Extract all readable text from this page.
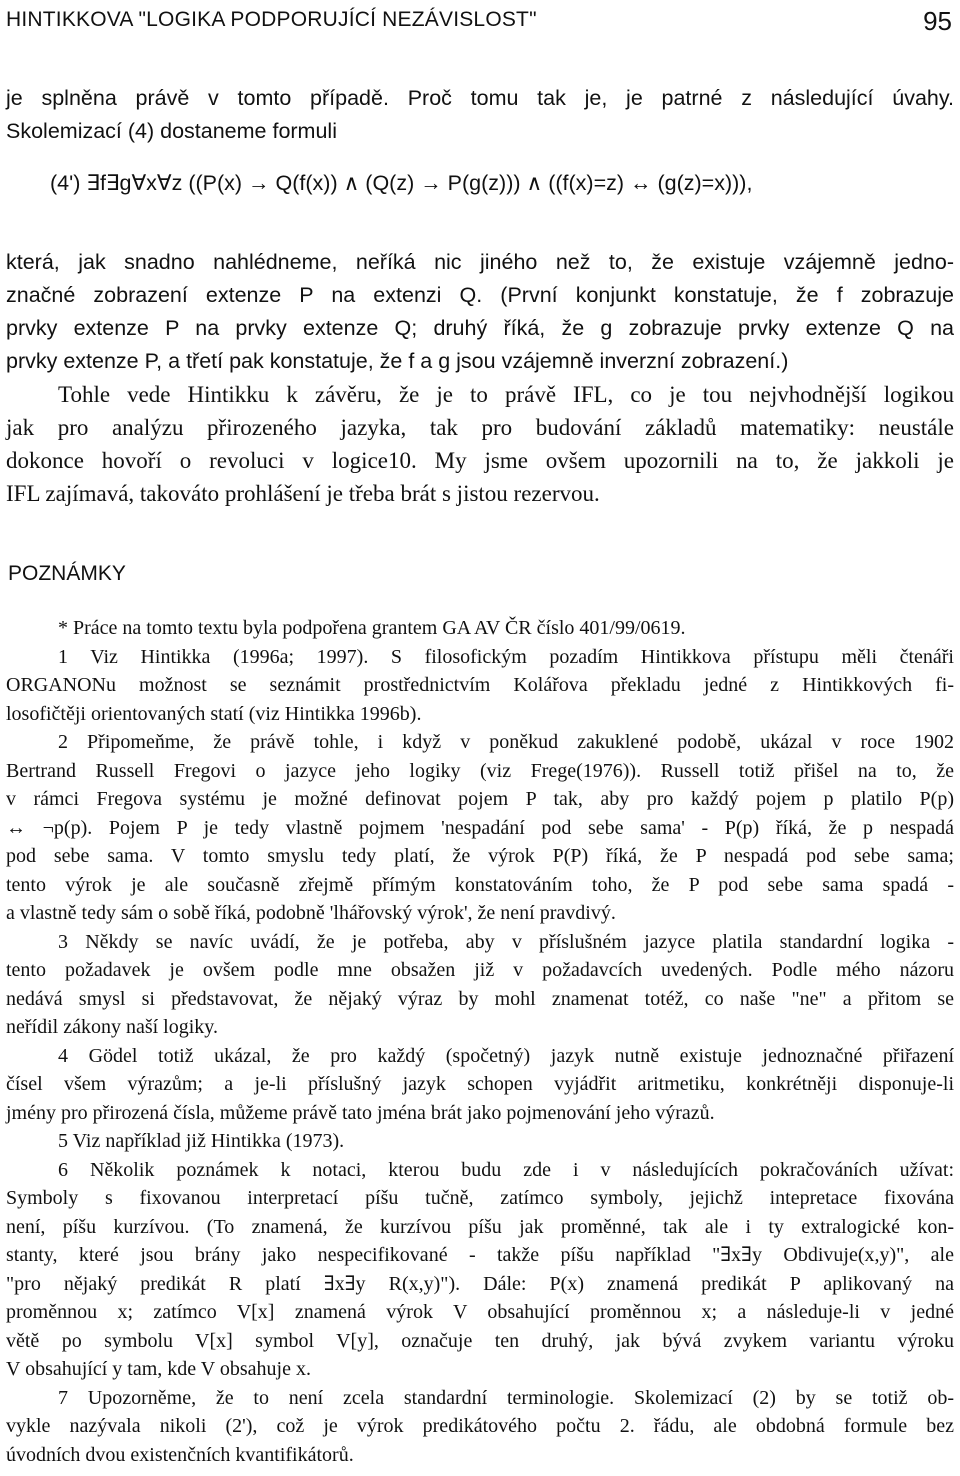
HINTIKKOVA "LOGIKA PODPORUJÍCÍ NEZÁVISLOST"	95
je splněna právě v tomto případě. Proč tomu tak je, je patrné z následující úvahy.
Skolemizací (4) dostaneme formuli
(4') ∃f∃g∀x∀z ((P(x) → Q(f(x)) ∧ (Q(z) → P(g(z))) ∧ ((f(x)=z) ↔ (g(z)=x))),
která, jak snadno nahlédneme, neříká nic jiného než to, že existuje vzájemně jedno-
značné zobrazení extenze P na extenzi Q. (První konjunkt konstatuje, že f zobrazuje
prvky extenze P na prvky extenze Q; druhý říká, že g zobrazuje prvky extenze Q na
prvky extenze P, a třetí pak konstatuje, že f a g jsou vzájemně inverzní zobrazení.)
Tohle vede Hintikku k závěru, že je to právě IFL, co je tou nejvhodnější logikou
jak pro analýzu přirozeného jazyka, tak pro budování základů matematiky: neustále
dokonce hovoří o revoluci v logice10. My jsme ovšem upozornili na to, že jakkoli je
IFL zajímavá, takováto prohlášení je třeba brát s jistou rezervou.
POZNÁMKY
* Práce na tomto textu byla podpořena grantem GA AV ČR číslo 401/99/0619.
1 Viz Hintikka (1996a; 1997). S filosofickým pozadím Hintikkova přístupu měli čtenáři
ORGANONu možnost se seznámit prostřednictvím Kolářova překladu jedné z Hintikkových fi-
losofičtěji orientovaných statí (viz Hintikka 1996b).
2 Připomeňme, že právě tohle, i když v poněkud zakuklené podobě, ukázal v roce 1902
Bertrand Russell Fregovi o jazyce jeho logiky (viz Frege(1976)). Russell totiž přišel na to, že
v rámci Fregova systému je možné definovat pojem P tak, aby pro každý pojem p platilo P(p)
↔ ¬p(p). Pojem P je tedy vlastně pojmem 'nespadání pod sebe sama' - P(p) říká, že p nespadá
pod sebe sama. V tomto smyslu tedy platí, že výrok P(P) říká, že P nespadá pod sebe sama;
tento výrok je ale současně zřejmě přímým konstatováním toho, že P pod sebe sama spadá -
a vlastně tedy sám o sobě říká, podobně 'lhářovský výrok', že není pravdivý.
3 Někdy se navíc uvádí, že je potřeba, aby v příslušném jazyce platila standardní logika -
tento požadavek je ovšem podle mne obsažen již v požadavcích uvedených. Podle mého názoru
nedává smysl si představovat, že nějaký výraz by mohl znamenat totéž, co naše "ne" a přitom se
neřídil zákony naší logiky.
4 Gödel totiž ukázal, že pro každý (spočetný) jazyk nutně existuje jednoznačné přiřazení
čísel všem výrazům; a je-li příslušný jazyk schopen vyjádřit aritmetiku, konkrétněji disponuje-li
jmény pro přirozená čísla, můžeme právě tato jména brát jako pojmenování jeho výrazů.
5 Viz například již Hintikka (1973).
6 Několik poznámek k notaci, kterou budu zde i v následujících pokračováních užívat:
Symboly s fixovanou interpretací píšu tučně, zatímco symboly, jejichž intepretace fixována
není, píšu kurzívou. (To znamená, že kurzívou píšu jak proměnné, tak ale i ty extralogické kon-
stanty, které jsou brány jako nespecifikované - takže píšu například "∃x∃y Obdivuje(x,y)", ale
"pro nějaký predikát R platí ∃x∃y R(x,y)"). Dále: P(x) znamená predikát P aplikovaný na
proměnnou x; zatímco V[x] znamená výrok V obsahující proměnnou x; a následuje-li v jedné
větě po symbolu V[x] symbol V[y], označuje ten druhý, jak bývá zvykem variantu výroku
V obsahující y tam, kde V obsahuje x.
7 Upozorněme, že to není zcela standardní terminologie. Skolemizací (2) by se totiž ob-
vykle nazývala nikoli (2'), což je výrok predikátového počtu 2. řádu, ale obdobná formule bez
úvodních dvou existenčních kvantifikátorů.
